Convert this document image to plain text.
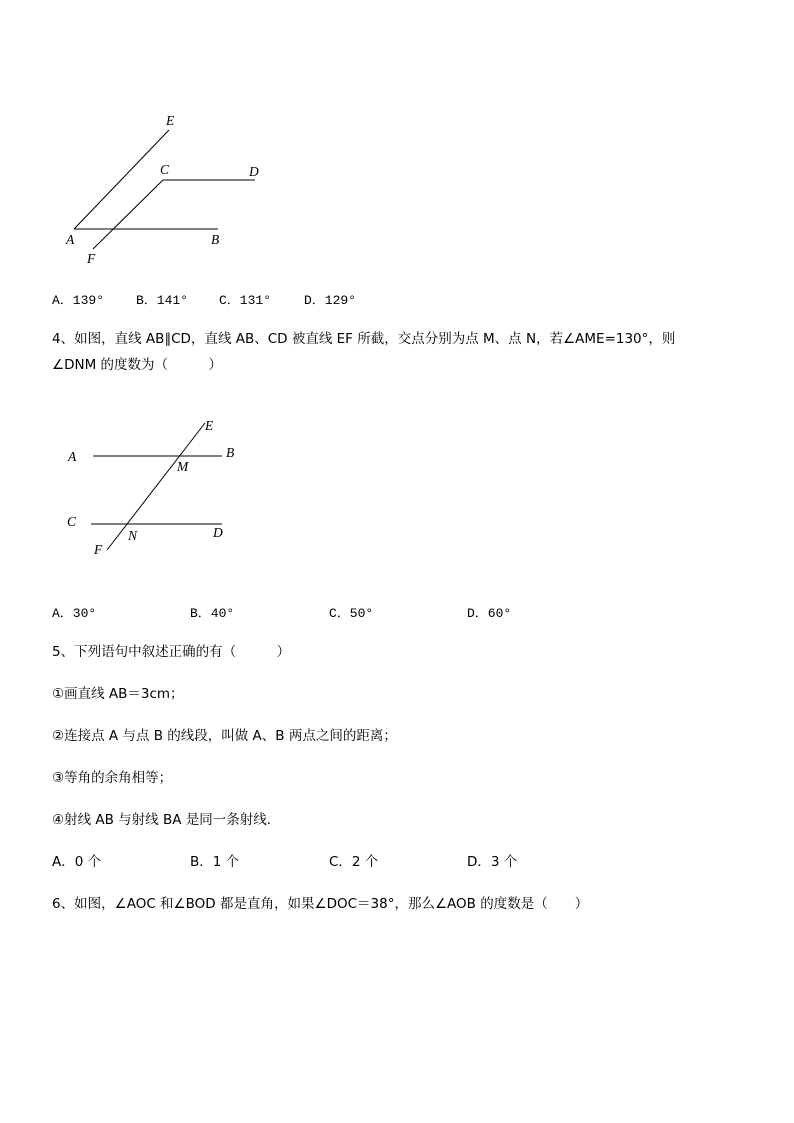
E
C	D
A	B
F
A．139° B．141° C．131°	D．129°
4、如图，直线 AB∥CD，直线 AB、CD 被直线 EF 所截，交点分别为点 M、点 N，若∠AME=130°，则
∠DNM 的度数为（　　　）
E
A	B
M
C
N	D
F
A．30°	B．40°	C．50°	D．60°
5、下列语句中叙述正确的有（　　　）
①画直线 AB＝3cm；
②连接点 A 与点 B 的线段，叫做 A、B 两点之间的距离；
③等角的余角相等；
④射线 AB 与射线 BA 是同一条射线．
A．0 个	B．1 个	C．2 个	D．3 个
6、如图，∠AOC 和∠BOD 都是直角，如果∠DOC＝38°，那么∠AOB 的度数是（　　）
